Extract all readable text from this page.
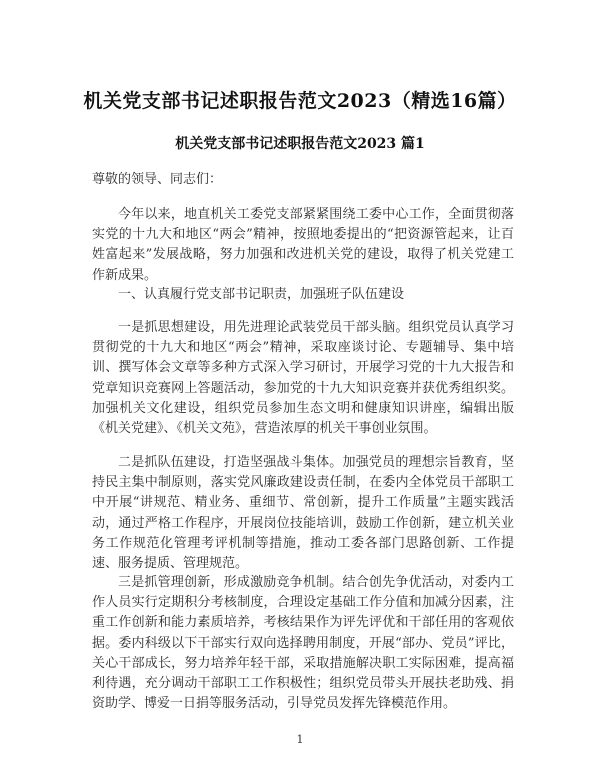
机关党支部书记述职报告范文2023（精选16篇）
机关党支部书记述职报告范文2023 篇1

尊敬的领导、同志们：

今年以来，地直机关工委党支部紧紧围绕工委中心工作，全面贯彻落实党的十九大和地区“两会”精神，按照地委提出的“把资源管起来，让百姓富起来”发展战略，努力加强和改进机关党的建设，取得了机关党建工作新成果。

一、认真履行党支部书记职责，加强班子队伍建设

一是抓思想建设，用先进理论武装党员干部头脑。组织党员认真学习贯彻党的十九大和地区“两会”精神，采取座谈讨论、专题辅导、集中培训、撰写体会文章等多种方式深入学习研讨，开展学习党的十九大报告和党章知识竞赛网上答题活动，参加党的十九大知识竞赛并获优秀组织奖。加强机关文化建设，组织党员参加生态文明和健康知识讲座，编辑出版《机关党建》、《机关文苑》，营造浓厚的机关干事创业氛围。

二是抓队伍建设，打造坚强战斗集体。加强党员的理想宗旨教育，坚持民主集中制原则，落实党风廉政建设责任制，在委内全体党员干部职工中开展“讲规范、精业务、重细节、常创新，提升工作质量”主题实践活动，通过严格工作程序，开展岗位技能培训，鼓励工作创新，建立机关业务工作规范化管理考评机制等措施，推动工委各部门思路创新、工作提速、服务提质、管理规范。

三是抓管理创新，形成激励竞争机制。结合创先争优活动，对委内工作人员实行定期积分考核制度，合理设定基础工作分值和加减分因素，注重工作创新和能力素质培养，考核结果作为评先评优和干部任用的客观依据。委内科级以下干部实行双向选择聘用制度，开展“部办、党员”评比，关心干部成长，努力培养年轻干部，采取措施解决职工实际困难，提高福利待遇，充分调动干部职工工作积极性；组织党员带头开展扶老助残、捐资助学、博爱一日捐等服务活动，引导党员发挥先锋模范作用。

1
